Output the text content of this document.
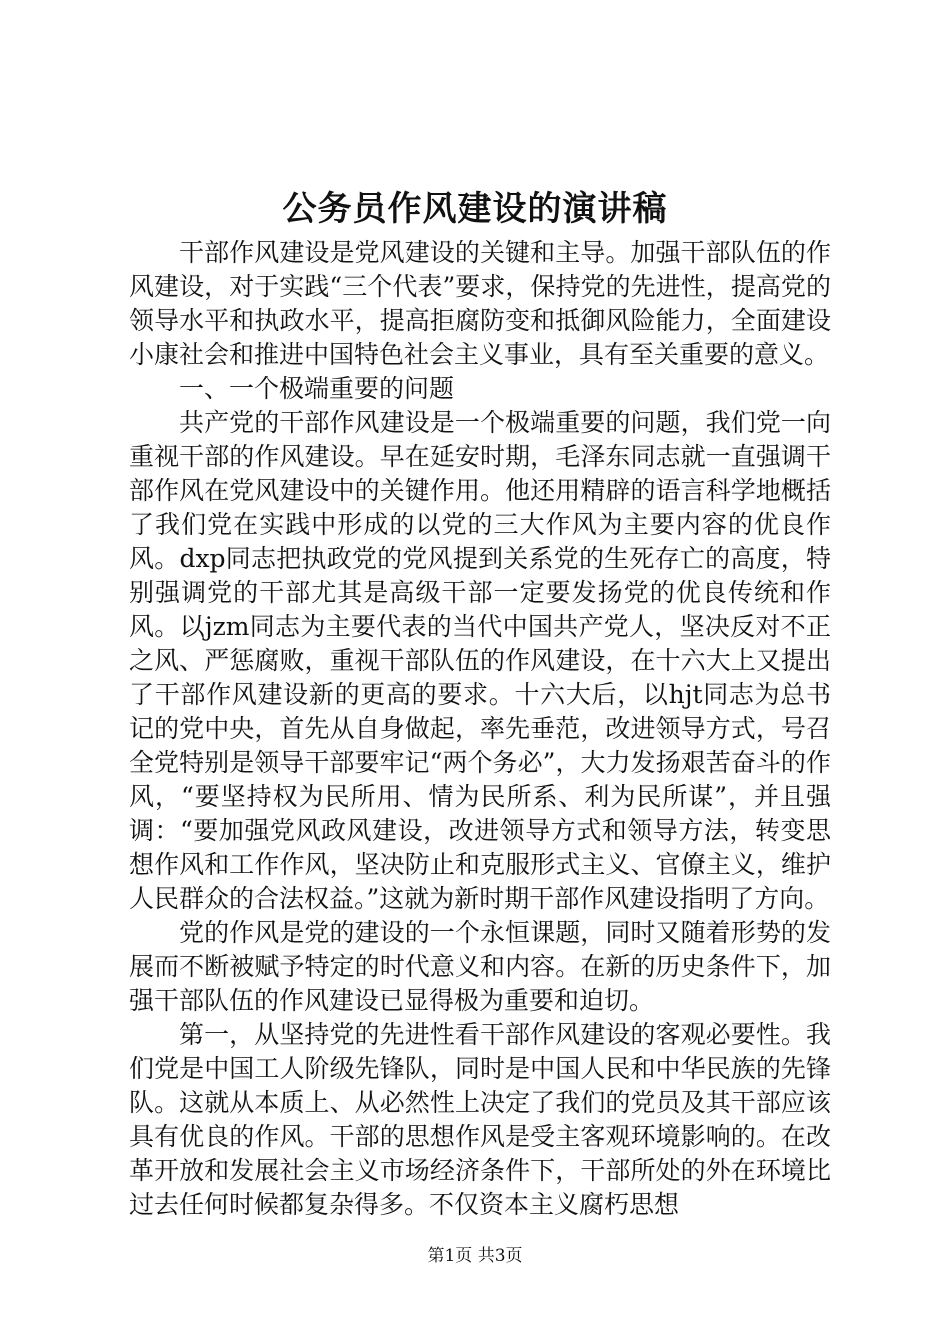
公务员作风建设的演讲稿

干部作风建设是党风建设的关键和主导。加强干部队伍的作风建设，对于实践“三个代表”要求，保持党的先进性，提高党的领导水平和执政水平，提高拒腐防变和抵御风险能力，全面建设小康社会和推进中国特色社会主义事业，具有至关重要的意义。

一、一个极端重要的问题

共产党的干部作风建设是一个极端重要的问题，我们党一向重视干部的作风建设。早在延安时期，毛泽东同志就一直强调干部作风在党风建设中的关键作用。他还用精辟的语言科学地概括了我们党在实践中形成的以党的三大作风为主要内容的优良作风。dxp同志把执政党的党风提到关系党的生死存亡的高度，特别强调党的干部尤其是高级干部一定要发扬党的优良传统和作风。以jzm同志为主要代表的当代中国共产党人，坚决反对不正之风、严惩腐败，重视干部队伍的作风建设，在十六大上又提出了干部作风建设新的更高的要求。十六大后，以hjt同志为总书记的党中央，首先从自身做起，率先垂范，改进领导方式，号召全党特别是领导干部要牢记“两个务必”，大力发扬艰苦奋斗的作风，“要坚持权为民所用、情为民所系、利为民所谋”，并且强调：“要加强党风政风建设，改进领导方式和领导方法，转变思想作风和工作作风，坚决防止和克服形式主义、官僚主义，维护人民群众的合法权益。”这就为新时期干部作风建设指明了方向。

党的作风是党的建设的一个永恒课题，同时又随着形势的发展而不断被赋予特定的时代意义和内容。在新的历史条件下，加强干部队伍的作风建设已显得极为重要和迫切。

第一，从坚持党的先进性看干部作风建设的客观必要性。我们党是中国工人阶级先锋队，同时是中国人民和中华民族的先锋队。这就从本质上、从必然性上决定了我们的党员及其干部应该具有优良的作风。干部的思想作风是受主客观环境影响的。在改革开放和发展社会主义市场经济条件下，干部所处的外在环境比过去任何时候都复杂得多。不仅资本主义腐朽思想

第1页 共3页
